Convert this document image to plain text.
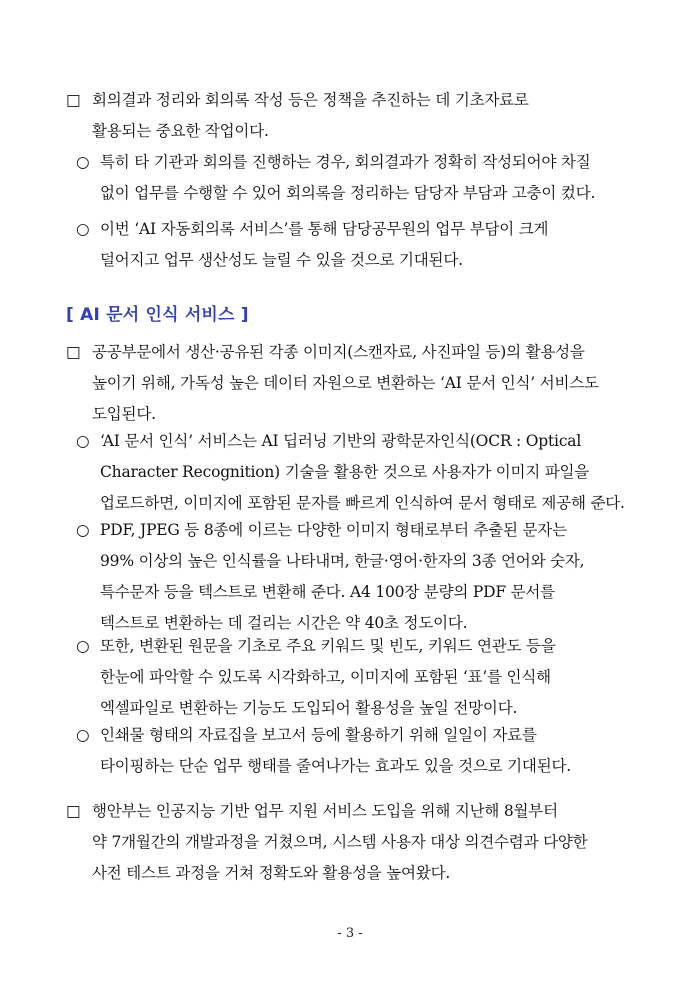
□ 회의결과 정리와 회의록 작성 등은 정책을 추진하는 데 기초자료로
활용되는 중요한 작업이다.
○ 특히 타 기관과 회의를 진행하는 경우, 회의결과가 정확히 작성되어야 차질
없이 업무를 수행할 수 있어 회의록을 정리하는 담당자 부담과 고충이 컸다.
○ 이번 ‘AI 자동회의록 서비스’를 통해 담당공무원의 업무 부담이 크게
덜어지고 업무 생산성도 늘릴 수 있을 것으로 기대된다.
[ AI 문서 인식 서비스 ]
□ 공공부문에서 생산·공유된 각종 이미지(스캔자료, 사진파일 등)의 활용성을
높이기 위해, 가독성 높은 데이터 자원으로 변환하는 ‘AI 문서 인식’ 서비스도
도입된다.
○ ‘AI 문서 인식’ 서비스는 AI 딥러닝 기반의 광학문자인식(OCR : Optical
Character Recognition) 기술을 활용한 것으로 사용자가 이미지 파일을
업로드하면, 이미지에 포함된 문자를 빠르게 인식하여 문서 형태로 제공해 준다.
○ PDF, JPEG 등 8종에 이르는 다양한 이미지 형태로부터 추출된 문자는
99% 이상의 높은 인식률을 나타내며, 한글·영어·한자의 3종 언어와 숫자,
특수문자 등을 텍스트로 변환해 준다. A4 100장 분량의 PDF 문서를
텍스트로 변환하는 데 걸리는 시간은 약 40초 정도이다.
○ 또한, 변환된 원문을 기초로 주요 키워드 및 빈도, 키워드 연관도 등을
한눈에 파악할 수 있도록 시각화하고, 이미지에 포함된 ‘표’를 인식해
엑셀파일로 변환하는 기능도 도입되어 활용성을 높일 전망이다.
○ 인쇄물 형태의 자료집을 보고서 등에 활용하기 위해 일일이 자료를
타이핑하는 단순 업무 행태를 줄여나가는 효과도 있을 것으로 기대된다.
□ 행안부는 인공지능 기반 업무 지원 서비스 도입을 위해 지난해 8월부터
약 7개월간의 개발과정을 거쳤으며, 시스템 사용자 대상 의견수렴과 다양한
사전 테스트 과정을 거쳐 정확도와 활용성을 높여왔다.
- 3 -
